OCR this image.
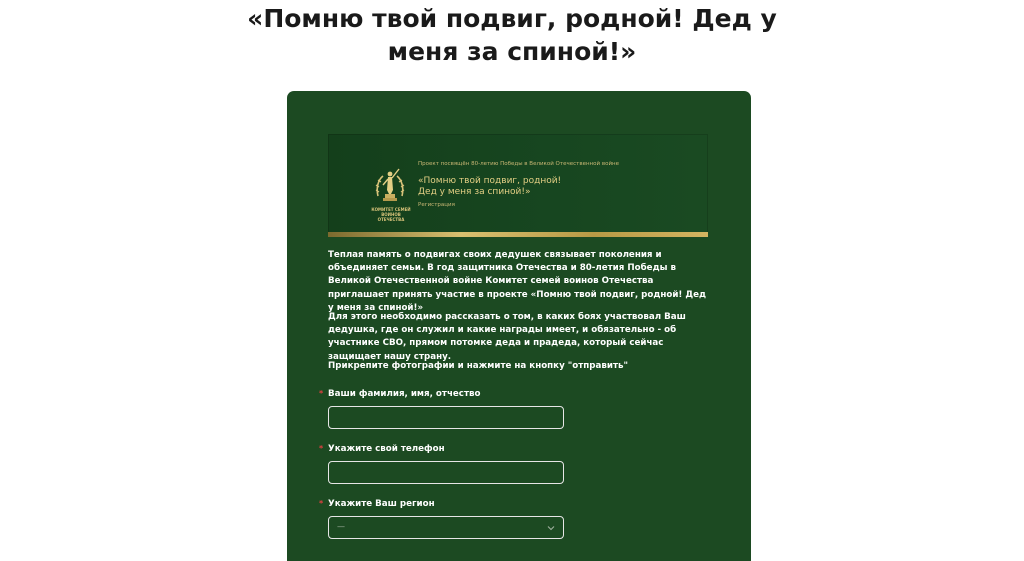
«Помню твой подвиг, родной! Дед у
меня за спиной!»
КОМИТЕТ СЕМЕЙ ВОИНОВ ОТЕЧЕСТВА
Проект посвящён 80-летию Победы в Великой Отечественной войне
«Помню твой подвиг, родной!
Дед у меня за спиной!»
Регистрация

Теплая память о подвигах своих дедушек связывает поколения и объединяет семьи. В год защитника Отечества и 80-летия Победы в Великой Отечественной войне Комитет семей воинов Отечества приглашает принять участие в проекте «Помню твой подвиг, родной! Дед у меня за спиной!»

Для этого необходимо рассказать о том, в каких боях участвовал Ваш дедушка, где он служил и какие награды имеет, и обязательно - об участнике СВО, прямом потомке деда и прадеда, который сейчас защищает нашу страну.

Прикрепите фотографии и нажмите на кнопку "отправить"

* Ваши фамилия, имя, отчество
* Укажите свой телефон
* Укажите Ваш регион
—
